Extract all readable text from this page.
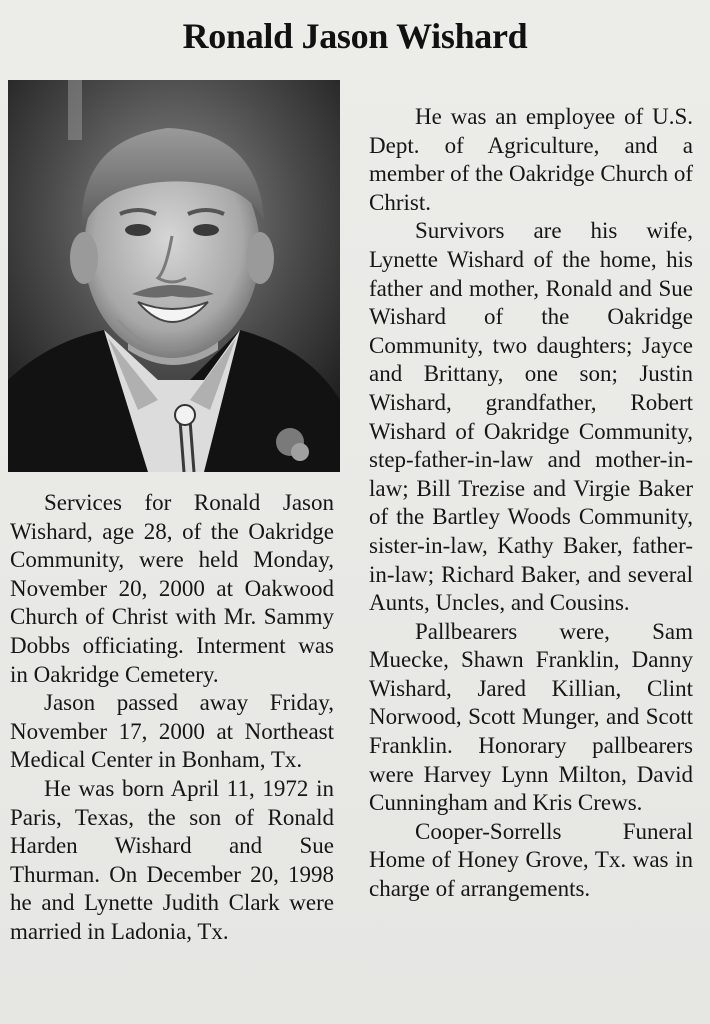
Ronald Jason Wishard

Services for Ronald Jason Wishard, age 28, of the Oakridge Community, were held Monday, November 20, 2000 at Oakwood Church of Christ with Mr. Sammy Dobbs officiating. Interment was in Oakridge Cemetery.

Jason passed away Friday, November 17, 2000 at Northeast Medical Center in Bonham, Tx.

He was born April 11, 1972 in Paris, Texas, the son of Ronald Harden Wishard and Sue Thurman. On December 20, 1998 he and Lynette Judith Clark were married in Ladonia, Tx.

He was an employee of U.S. Dept. of Agriculture, and a member of the Oakridge Church of Christ.

Survivors are his wife, Lynette Wishard of the home, his father and mother, Ronald and Sue Wishard of the Oakridge Community, two daughters; Jayce and Brittany, one son; Justin Wishard, grandfather, Robert Wishard of Oakridge Community, step-father-in-law and mother-in-law; Bill Trezise and Virgie Baker of the Bartley Woods Community, sister-in-law, Kathy Baker, father-in-law; Richard Baker, and several Aunts, Uncles, and Cousins.

Pallbearers were, Sam Muecke, Shawn Franklin, Danny Wishard, Jared Killian, Clint Norwood, Scott Munger, and Scott Franklin. Honorary pallbearers were Harvey Lynn Milton, David Cunningham and Kris Crews.

Cooper-Sorrells Funeral Home of Honey Grove, Tx. was in charge of arrangements.
